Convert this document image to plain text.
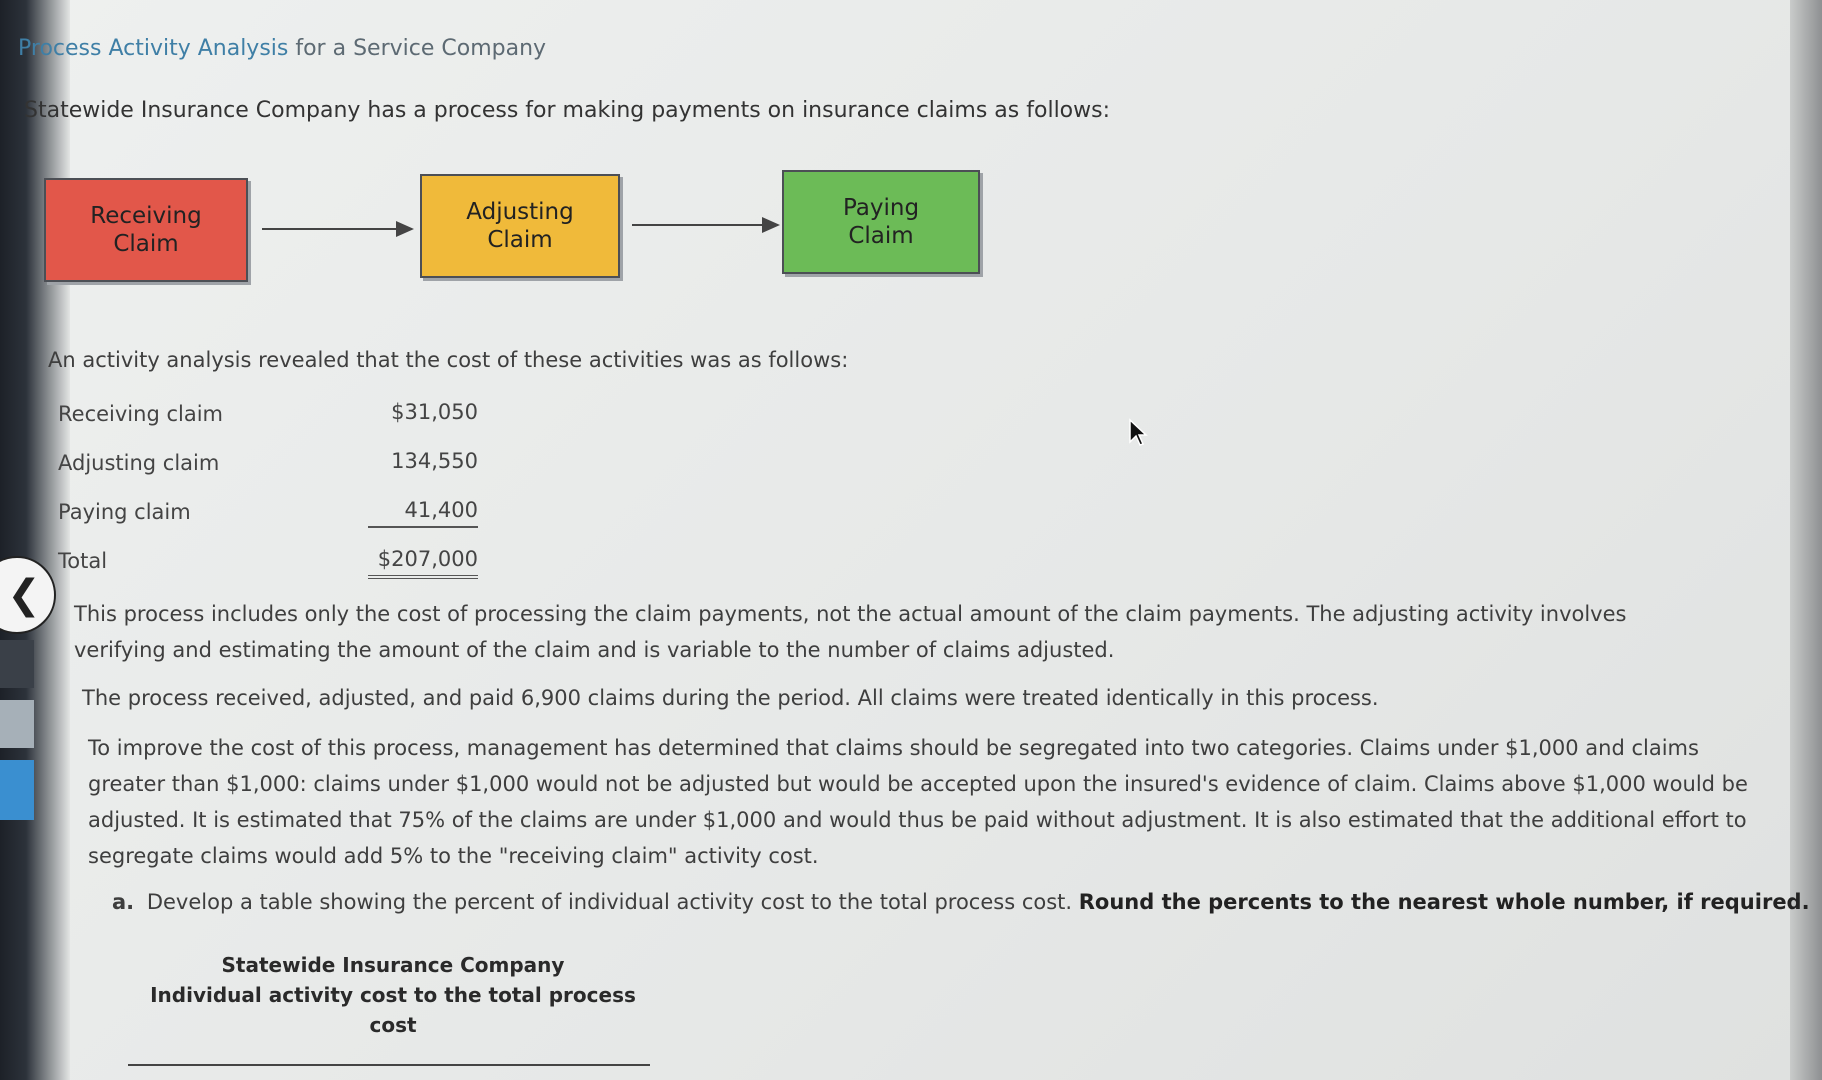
Process Activity Analysis for a Service Company
Statewide Insurance Company has a process for making payments on insurance claims as follows:
Receiving
Claim
Adjusting
Claim
Paying
Claim
An activity analysis revealed that the cost of these activities was as follows:
Receiving claim	$31,050
Adjusting claim	134,550
Paying claim	41,400
Total	$207,000
❮ This process includes only the cost of processing the claim payments, not the actual amount of the claim payments. The adjusting activity involves verifying and estimating the amount of the claim and is variable to the number of claims adjusted.
The process received, adjusted, and paid 6,900 claims during the period. All claims were treated identically in this process.
To improve the cost of this process, management has determined that claims should be segregated into two categories. Claims under $1,000 and claims greater than $1,000: claims under $1,000 would not be adjusted but would be accepted upon the insured's evidence of claim. Claims above $1,000 would be adjusted. It is estimated that 75% of the claims are under $1,000 and would thus be paid without adjustment. It is also estimated that the additional effort to segregate claims would add 5% to the "receiving claim" activity cost.
a. Develop a table showing the percent of individual activity cost to the total process cost. Round the percents to the nearest whole number, if required.
Statewide Insurance Company
Individual activity cost to the total process cost
